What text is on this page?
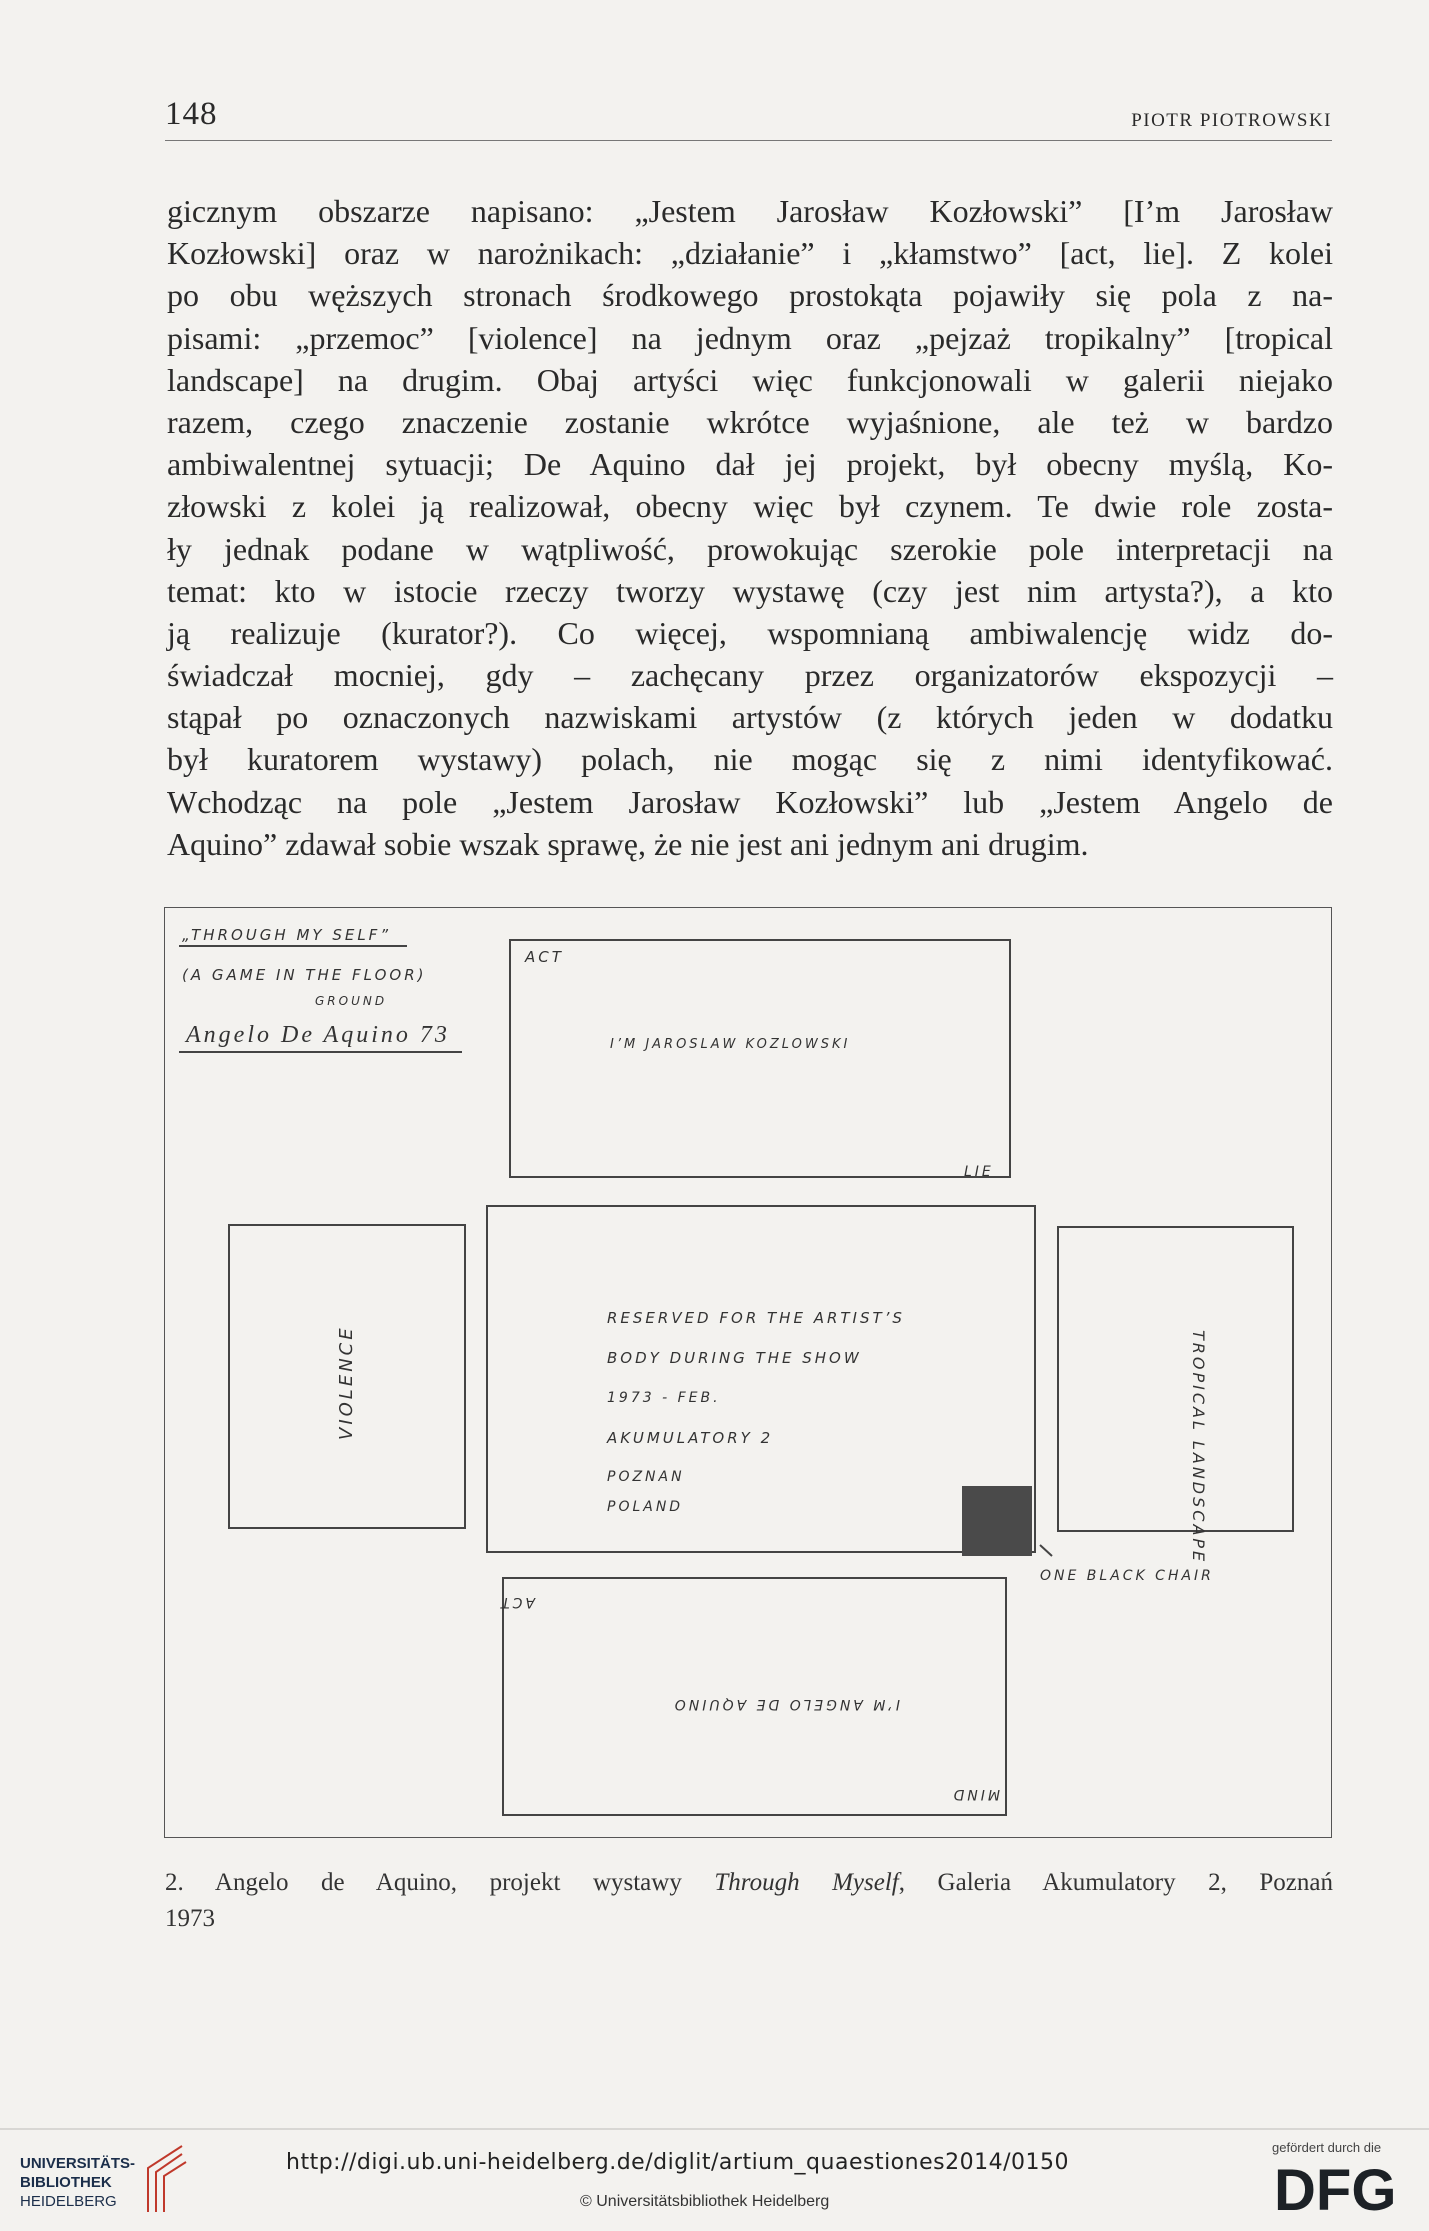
148	PIOTR PIOTROWSKI
gicznym obszarze napisano: „Jestem Jarosław Kozłowski” [I’m Jarosław
Kozłowski] oraz w narożnikach: „działanie” i „kłamstwo” [act, lie]. Z kolei
po obu węższych stronach środkowego prostokąta pojawiły się pola z na-
pisami: „przemoc” [violence] na jednym oraz „pejzaż tropikalny” [tropical
landscape] na drugim. Obaj artyści więc funkcjonowali w galerii niejako
razem, czego znaczenie zostanie wkrótce wyjaśnione, ale też w bardzo
ambiwalentnej sytuacji; De Aquino dał jej projekt, był obecny myślą, Ko-
złowski z kolei ją realizował, obecny więc był czynem. Te dwie role zosta-
ły jednak podane w wątpliwość, prowokując szerokie pole interpretacji na
temat: kto w istocie rzeczy tworzy wystawę (czy jest nim artysta?), a kto
ją realizuje (kurator?). Co więcej, wspomnianą ambiwalencję widz do-
świadczał mocniej, gdy – zachęcany przez organizatorów ekspozycji –
stąpał po oznaczonych nazwiskami artystów (z których jeden w dodatku
był kuratorem wystawy) polach, nie mogąc się z nimi identyfikować.
Wchodząc na pole „Jestem Jarosław Kozłowski” lub „Jestem Angelo de
Aquino” zdawał sobie wszak sprawę, że nie jest ani jednym ani drugim.
„THROUGH MY SELF”
(A GAME IN THE FLOOR)
GROUND
Angelo De Aquino 73
ACT
I’M JAROSLAW KOZLOWSKI
LIE
VIOLENCE
RESERVED FOR THE ARTIST’S
BODY DURING THE SHOW
1973 - FEB.
AKUMULATORY 2
POZNAN
POLAND	TROPICAL LANDSCAPE
ONE BLACK CHAIR
ACT
I’M ANGELO DE AQUINO
MIND
2. Angelo de Aquino, projekt wystawy Through Myself, Galeria Akumulatory 2, Poznań
1973
UNIVERSITÄTS-
BIBLIOTHEK
HEIDELBERG
http://digi.ub.uni-heidelberg.de/diglit/artium_quaestiones2014/0150
© Universitätsbibliothek Heidelberg
gefördert durch die
DFG
